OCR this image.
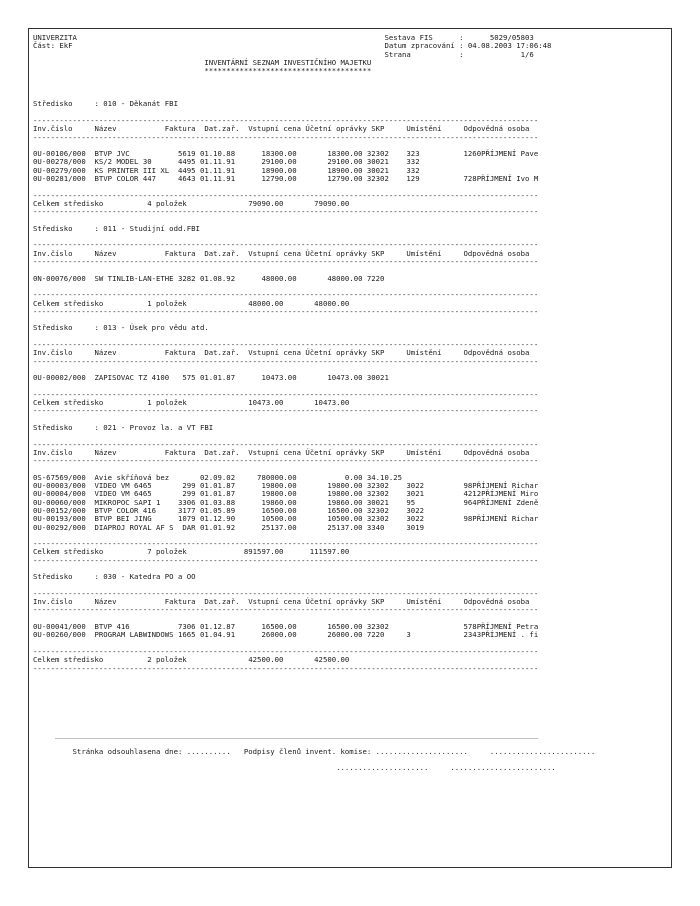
UNIVERZITA                                                                      Sestava FIS      :      5029/05803
Část: EkF                                                                       Datum zpracování : 04.08.2003 17:06:48
Strana           :             1/6
INVENTÁRNÍ SEZNAM INVESTIČNÍHO MAJETKU
**************************************

Středisko     : 010 - Děkanát FBI

-------------------------------------------------------------------------------------------------------------------
Inv.číslo     Název           Faktura  Dat.zař.  Vstupní cena Účetní oprávky SKP     Umístění     Odpovědná osoba
-------------------------------------------------------------------------------------------------------------------

0U-00106/000  BTVP JVC           5619 01.10.88      18300.00       18300.00 32302    323          1260PŘÍJMENÍ Pave
0U-00278/000  KS/2 MODEL 30      4495 01.11.91      29100.00       29100.00 30021    332
0U-00279/000  KS PRINTER III XL  4495 01.11.91      18900.00       18900.00 30021    332
0U-00281/000  BTVP COLOR 447     4643 01.11.91      12790.00       12790.00 32302    129          728PŘÍJMENÍ Ivo M

-------------------------------------------------------------------------------------------------------------------
Celkem středisko          4 položek              79090.00       79090.00
-------------------------------------------------------------------------------------------------------------------

Středisko     : 011 - Studijní odd.FBI

-------------------------------------------------------------------------------------------------------------------
Inv.číslo     Název           Faktura  Dat.zař.  Vstupní cena Účetní oprávky SKP     Umístění     Odpovědná osoba
-------------------------------------------------------------------------------------------------------------------

0N-00076/000  SW TINLIB-LAN-ETHE 3282 01.08.92      48000.00       48000.00 7220

-------------------------------------------------------------------------------------------------------------------
Celkem středisko          1 položek              48000.00       48000.00
-------------------------------------------------------------------------------------------------------------------

Středisko     : 013 - Úsek pro vědu atd.

-------------------------------------------------------------------------------------------------------------------
Inv.číslo     Název           Faktura  Dat.zař.  Vstupní cena Účetní oprávky SKP     Umístění     Odpovědná osoba
-------------------------------------------------------------------------------------------------------------------

0U-00002/000  ZAPISOVAC TZ 4100   575 01.01.87      10473.00       10473.00 30021

-------------------------------------------------------------------------------------------------------------------
Celkem středisko          1 položek              10473.00       10473.00
-------------------------------------------------------------------------------------------------------------------

Středisko     : 021 - Provoz la. a VT FBI

-------------------------------------------------------------------------------------------------------------------
Inv.číslo     Název           Faktura  Dat.zař.  Vstupní cena Účetní oprávky SKP     Umístění     Odpovědná osoba
-------------------------------------------------------------------------------------------------------------------

0S-67569/000  Avie skříňová bez       02.09.02     780000.00           0.00 34.10.25
0U-00003/000  VIDEO VM 6465       299 01.01.87      19800.00       19800.00 32302    3022         98PŘÍJMENÍ Richar
0U-00004/000  VIDEO VM 6465       299 01.01.87      19800.00       19800.00 32302    3021         4212PŘÍJMENÍ Miro
0U-00060/000  MIKROPOC SAPI 1    3306 01.03.88      19860.00       19860.00 30021    95           964PŘÍJMENÍ Zdeně
0U-00152/000  BTVP COLOR 416     3177 01.05.89      16500.00       16500.00 32302    3022
0U-00193/000  BTVP BEI JING      1079 01.12.90      10500.00       10500.00 32302    3022         98PŘÍJMENÍ Richar
0U-00292/000  DIAPROJ ROYAL AF S  DAR 01.01.92      25137.00       25137.00 3340     3019

-------------------------------------------------------------------------------------------------------------------
Celkem středisko          7 položek             891597.00      111597.00
-------------------------------------------------------------------------------------------------------------------

Středisko     : 030 - Katedra PO a OO

-------------------------------------------------------------------------------------------------------------------
Inv.číslo     Název           Faktura  Dat.zař.  Vstupní cena Účetní oprávky SKP     Umístění     Odpovědná osoba
-------------------------------------------------------------------------------------------------------------------

0U-00041/000  BTVP 416           7306 01.12.87      16500.00       16500.00 32302                 578PŘÍJMENÍ Petra
0U-00260/000  PROGRAM LABWINDOWS 1665 01.04.91      26000.00       26000.00 7220     3            2343PŘÍJMENÍ . fi

-------------------------------------------------------------------------------------------------------------------
Celkem středisko          2 položek              42500.00       42500.00
-------------------------------------------------------------------------------------------------------------------

______________________________________________________________________________________________________________

Stránka odsouhlasena dne: ..........   Podpisy členů invent. komise: .....................     ........................

.....................     ........................
